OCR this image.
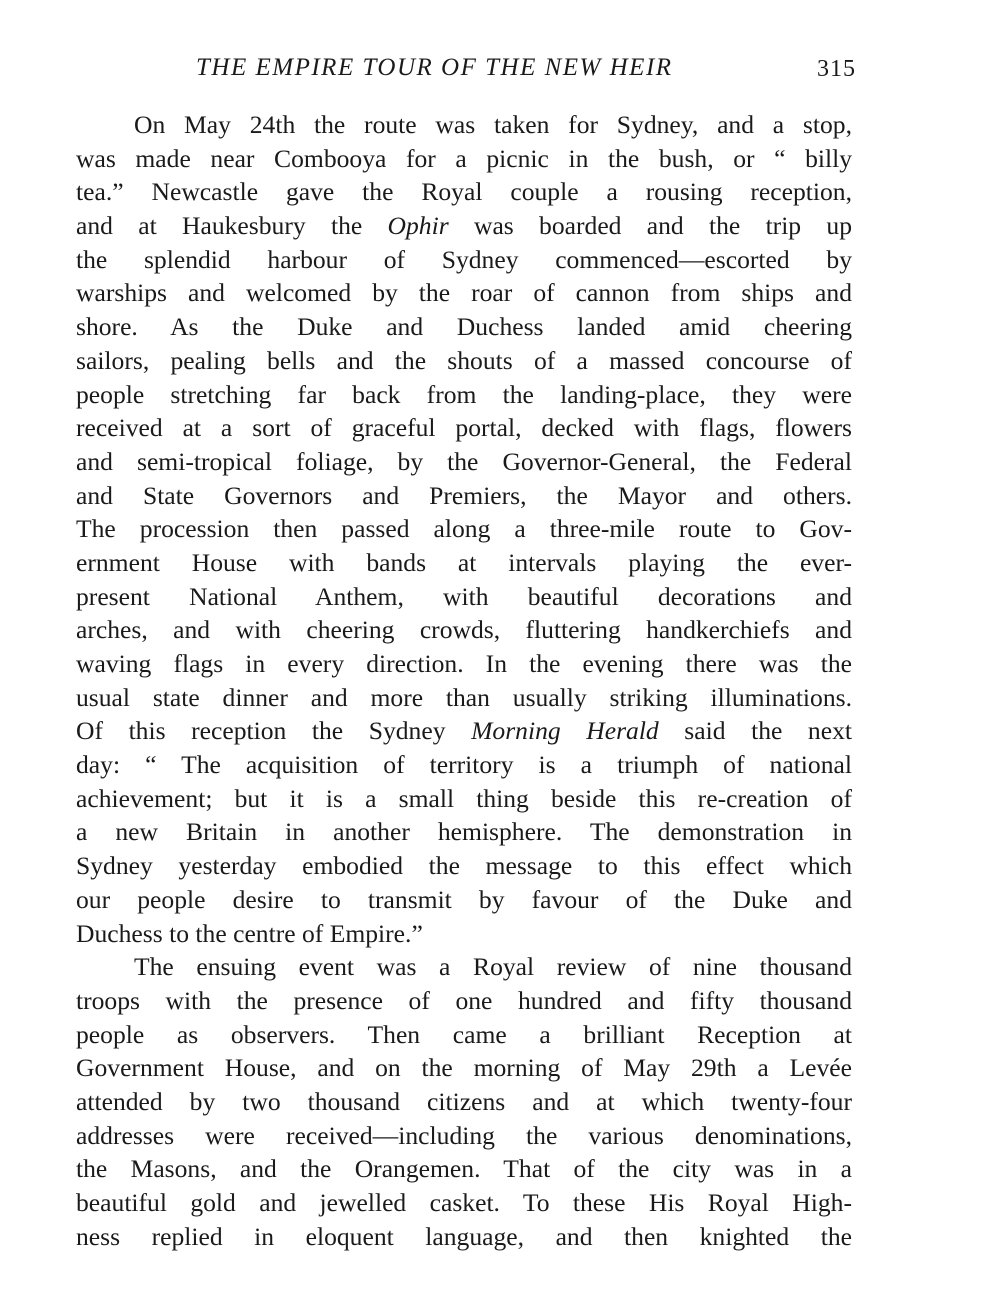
THE EMPIRE TOUR OF THE NEW HEIR	315
On May 24th the route was taken for Sydney, and a stop,
was made near Combooya for a picnic in the bush, or “ billy
tea.” Newcastle gave the Royal couple a rousing reception,
and at Haukesbury the Ophir was boarded and the trip up
the splendid harbour of Sydney commenced—escorted by
warships and welcomed by the roar of cannon from ships and
shore. As the Duke and Duchess landed amid cheering
sailors, pealing bells and the shouts of a massed concourse of
people stretching far back from the landing-place, they were
received at a sort of graceful portal, decked with flags, flowers
and semi-tropical foliage, by the Governor-General, the Federal
and State Governors and Premiers, the Mayor and others.
The procession then passed along a three-mile route to Gov-
ernment House with bands at intervals playing the ever-
present National Anthem, with beautiful decorations and
arches, and with cheering crowds, fluttering handkerchiefs and
waving flags in every direction. In the evening there was the
usual state dinner and more than usually striking illuminations.
Of this reception the Sydney Morning Herald said the next
day: “ The acquisition of territory is a triumph of national
achievement; but it is a small thing beside this re-creation of
a new Britain in another hemisphere. The demonstration in
Sydney yesterday embodied the message to this effect which
our people desire to transmit by favour of the Duke and
Duchess to the centre of Empire.”
The ensuing event was a Royal review of nine thousand
troops with the presence of one hundred and fifty thousand
people as observers. Then came a brilliant Reception at
Government House, and on the morning of May 29th a Levée
attended by two thousand citizens and at which twenty-four
addresses were received—including the various denominations,
the Masons, and the Orangemen. That of the city was in a
beautiful gold and jewelled casket. To these His Royal High-
ness replied in eloquent language, and then knighted the
